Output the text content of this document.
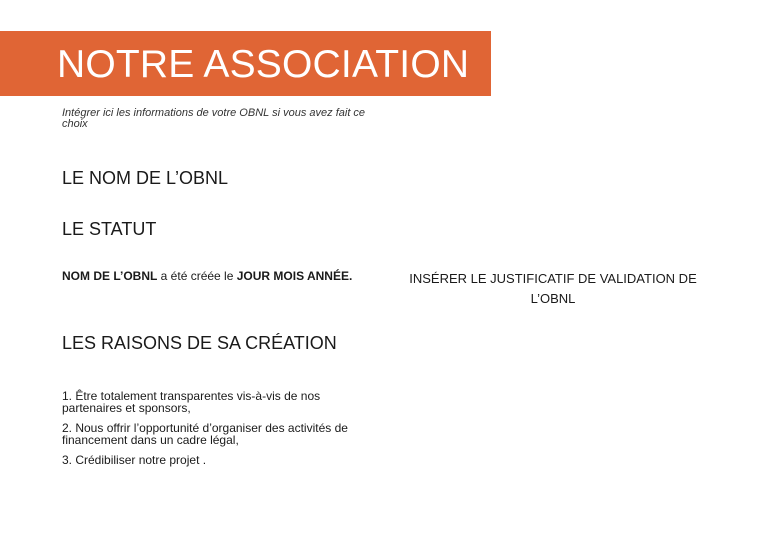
NOTRE ASSOCIATION
Intégrer ici les informations de votre OBNL si vous avez fait ce choix
LE NOM DE L’OBNL
LE STATUT
NOM DE L’OBNL a été créée le JOUR MOIS ANNÉE.
LES RAISONS DE SA CRÉATION

1. Être totalement transparentes vis-à-vis de nos partenaires et sponsors,

2. Nous offrir l’opportunité d’organiser des activités de financement dans un cadre légal,

3. Crédibiliser notre projet .

INSÉRER LE JUSTIFICATIF DE VALIDATION DE L’OBNL
